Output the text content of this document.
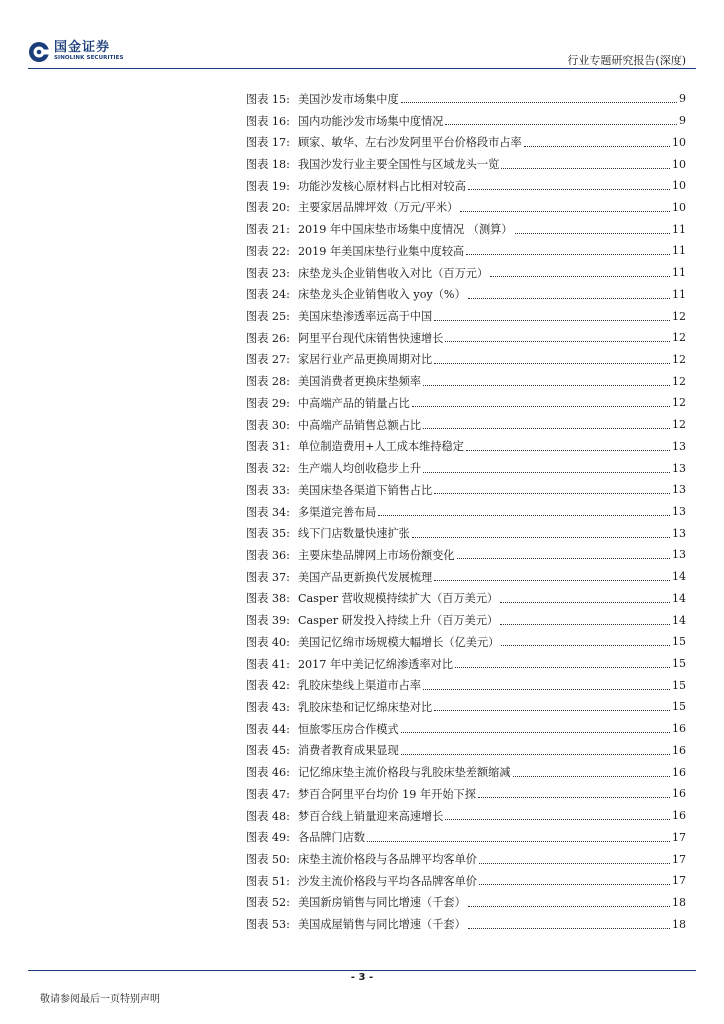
国金证券
SINOLINK SECURITIES	行业专题研究报告(深度)
图表 15: 美国沙发市场集中度	9
图表 16: 国内功能沙发市场集中度情况	9
图表 17: 顾家、敏华、左右沙发阿里平台价格段市占率	10
图表 18: 我国沙发行业主要全国性与区域龙头一览	10
图表 19: 功能沙发核心原材料占比相对较高	10
图表 20: 主要家居品牌坪效（万元/平米）	10
图表 21: 2019 年中国床垫市场集中度情况 （测算）	11
图表 22: 2019 年美国床垫行业集中度较高	11
图表 23: 床垫龙头企业销售收入对比（百万元）	11
图表 24: 床垫龙头企业销售收入 yoy（%）	11
图表 25: 美国床垫渗透率远高于中国	12
图表 26: 阿里平台现代床销售快速增长	12
图表 27: 家居行业产品更换周期对比	12
图表 28: 美国消费者更换床垫频率	12
图表 29: 中高端产品的销量占比	12
图表 30: 中高端产品销售总额占比	12
图表 31: 单位制造费用+人工成本维持稳定	13
图表 32: 生产端人均创收稳步上升	13
图表 33: 美国床垫各渠道下销售占比	13
图表 34: 多渠道完善布局	13
图表 35: 线下门店数量快速扩张	13
图表 36: 主要床垫品牌网上市场份额变化	13
图表 37: 美国产品更新换代发展梳理	14
图表 38: Casper 营收规模持续扩大（百万美元）	14
图表 39: Casper 研发投入持续上升（百万美元）	14
图表 40: 美国记忆绵市场规模大幅增长（亿美元）	15
图表 41: 2017 年中美记忆绵渗透率对比	15
图表 42: 乳胶床垫线上渠道市占率	15
图表 43: 乳胶床垫和记忆绵床垫对比	15
图表 44: 恒旅零压房合作模式	16
图表 45: 消费者教育成果显现	16
图表 46: 记忆绵床垫主流价格段与乳胶床垫差额缩减	16
图表 47: 梦百合阿里平台均价 19 年开始下探	16
图表 48: 梦百合线上销量迎来高速增长	16
图表 49: 各品牌门店数	17
图表 50: 床垫主流价格段与各品牌平均客单价	17
图表 51: 沙发主流价格段与平均各品牌客单价	17
图表 52: 美国新房销售与同比增速（千套）	18
图表 53: 美国成屋销售与同比增速（千套）	18
- 3 -
敬请参阅最后一页特别声明
